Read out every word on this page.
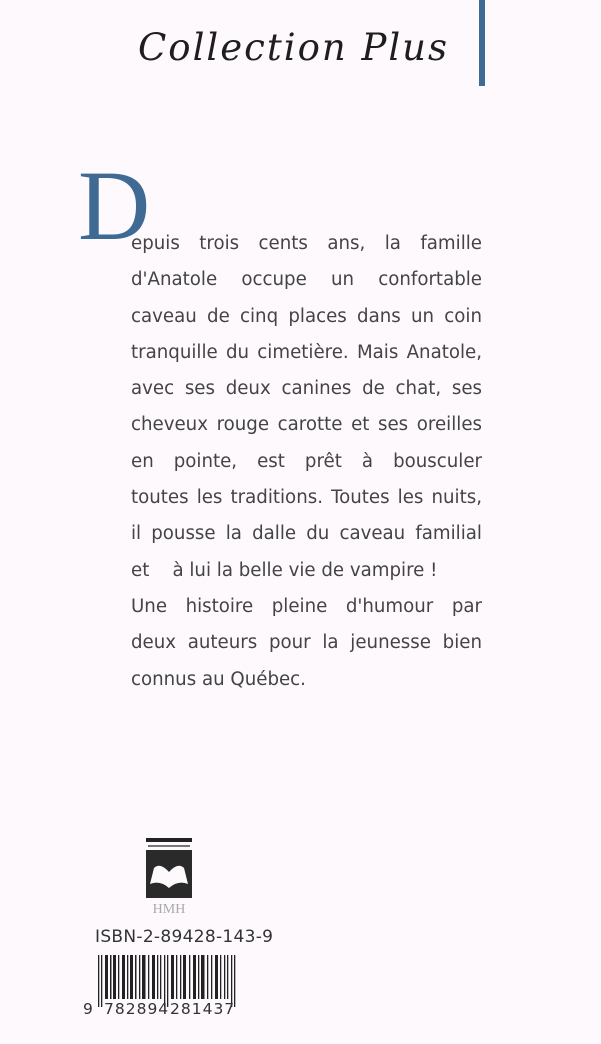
Collection Plus
D
epuis trois cents ans, la famille
d'Anatole occupe un confortable
caveau de cinq places dans un coin
tranquille du cimetière. Mais Anatole,
avec ses deux canines de chat, ses
cheveux rouge carotte et ses oreilles
en pointe, est prêt à bousculer
toutes les traditions. Toutes les nuits,
il pousse la dalle du caveau familial
et    à lui la belle vie de vampire !
Une histoire pleine d'humour par
deux auteurs pour la jeunesse bien
connus au Québec.
HMH
ISBN-2-89428-143-9
9 782894 281437
